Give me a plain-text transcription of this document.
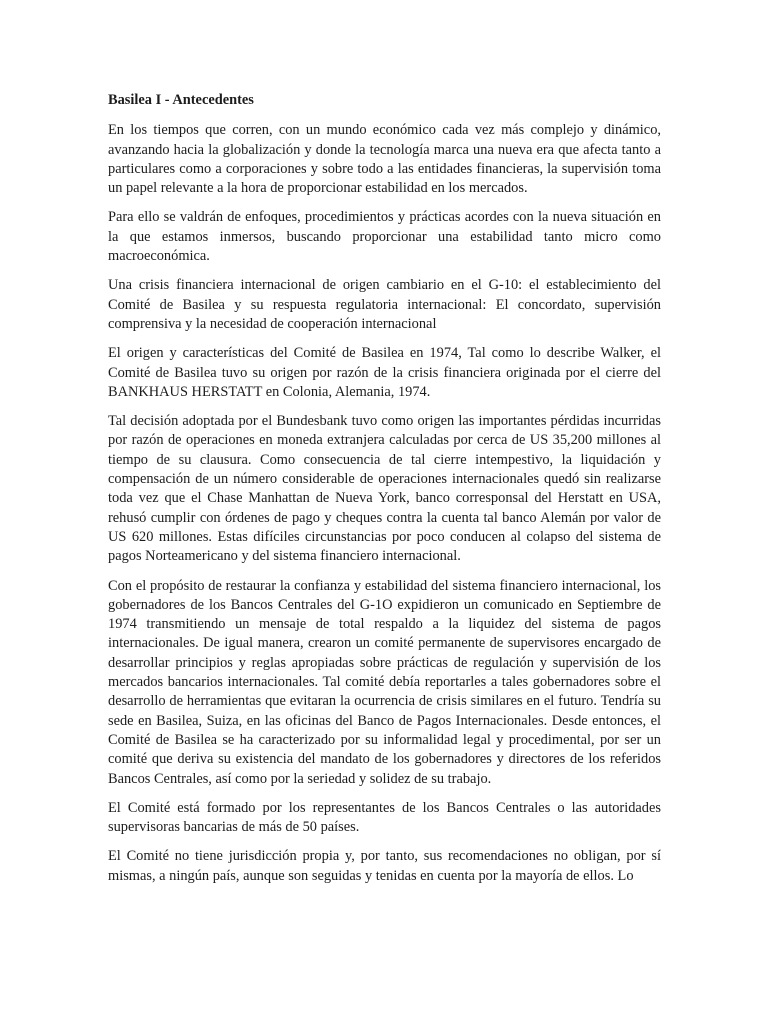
Basilea I - Antecedentes

En los tiempos que corren, con un mundo económico cada vez más complejo y dinámico, avanzando hacia la globalización y donde la tecnología marca una nueva era que afecta tanto a particulares como a corporaciones y sobre todo a las entidades financieras, la supervisión toma un papel relevante a la hora de proporcionar estabilidad en los mercados.

Para ello se valdrán de enfoques, procedimientos y prácticas acordes con la nueva situación en la que estamos inmersos, buscando proporcionar una estabilidad tanto micro como macroeconómica.

Una crisis financiera internacional de origen cambiario en el G-10: el establecimiento del Comité de Basilea y su respuesta regulatoria internacional: El concordato, supervisión comprensiva y la necesidad de cooperación internacional

El origen y características del Comité de Basilea en 1974, Tal como lo describe Walker, el Comité de Basilea tuvo su origen por razón de la crisis financiera originada por el cierre del BANKHAUS HERSTATT en Colonia, Alemania, 1974.

Tal decisión adoptada por el Bundesbank tuvo como origen las importantes pérdidas incurridas por razón de operaciones en moneda extranjera calculadas por cerca de US 35,200 millones al tiempo de su clausura. Como consecuencia de tal cierre intempestivo, la liquidación y compensación de un número considerable de operaciones internacionales quedó sin realizarse toda vez que el Chase Manhattan de Nueva York, banco corresponsal del Herstatt en USA, rehusó cumplir con órdenes de pago y cheques contra la cuenta tal banco Alemán por valor de US 620 millones. Estas difíciles circunstancias por poco conducen al colapso del sistema de pagos Norteamericano y del sistema financiero internacional.

Con el propósito de restaurar la confianza y estabilidad del sistema financiero internacional, los gobernadores de los Bancos Centrales del G-1O expidieron un comunicado en Septiembre de 1974 transmitiendo un mensaje de total respaldo a la liquidez del sistema de pagos internacionales. De igual manera, crearon un comité permanente de supervisores encargado de desarrollar principios y reglas apropiadas sobre prácticas de regulación y supervisión de los mercados bancarios internacionales. Tal comité debía reportarles a tales gobernadores sobre el desarrollo de herramientas que evitaran la ocurrencia de crisis similares en el futuro. Tendría su sede en Basilea, Suiza, en las oficinas del Banco de Pagos Internacionales. Desde entonces, el Comité de Basilea se ha caracterizado por su informalidad legal y procedimental, por ser un comité que deriva su existencia del mandato de los gobernadores y directores de los referidos Bancos Centrales, así como por la seriedad y solidez de su trabajo.

El Comité está formado por los representantes de los Bancos Centrales o las autoridades supervisoras bancarias de más de 50 países.

El Comité no tiene jurisdicción propia y, por tanto, sus recomendaciones no obligan, por sí mismas, a ningún país, aunque son seguidas y tenidas en cuenta por la mayoría de ellos. Lo
